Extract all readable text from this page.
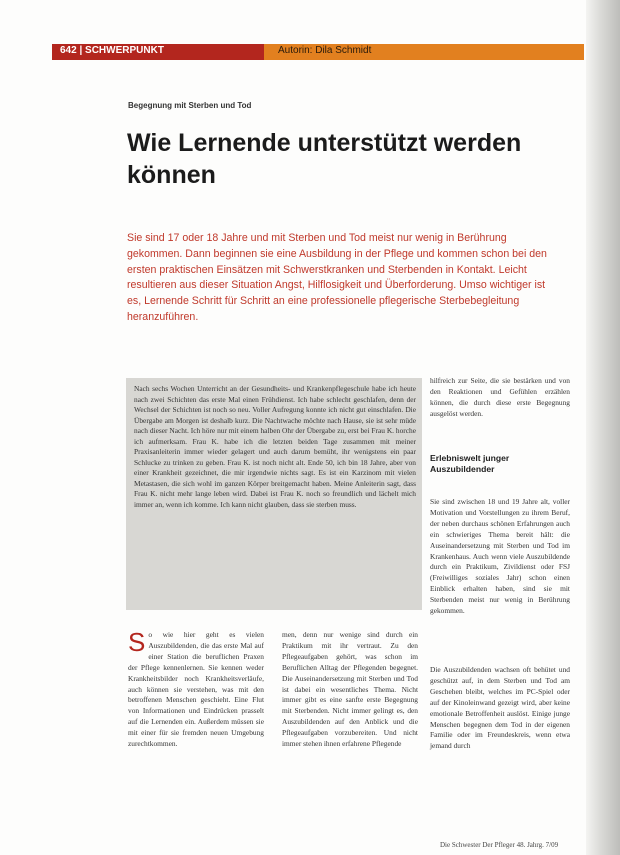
642 | SCHWERPUNKT	Autorin: Dila Schmidt
Begegnung mit Sterben und Tod
Wie Lernende unterstützt werden können

Sie sind 17 oder 18 Jahre und mit Sterben und Tod meist nur wenig in Berührung gekommen. Dann beginnen sie eine Ausbildung in der Pflege und kommen schon bei den ersten praktischen Einsätzen mit Schwerstkranken und Sterbenden in Kontakt. Leicht resultieren aus dieser Situation Angst, Hilflosigkeit und Überforderung. Umso wichtiger ist es, Lernende Schritt für Schritt an eine professionelle pflegerische Sterbebegleitung heranzuführen.

Nach sechs Wochen Unterricht an der Gesundheits- und Krankenpflegeschule habe ich heute nach zwei Schichten das erste Mal einen Frühdienst. Ich habe schlecht geschlafen, denn der Wechsel der Schichten ist noch so neu. Voller Aufregung konnte ich nicht gut einschlafen. Die Übergabe am Morgen ist deshalb kurz. Die Nachtwache möchte nach Hause, sie ist sehr müde nach dieser Nacht. Ich höre nur mit einem halben Ohr der Übergabe zu, erst bei Frau K. horche ich aufmerksam. Frau K. habe ich die letzten beiden Tage zusammen mit meiner Praxisanleiterin immer wieder gelagert und auch darum bemüht, ihr wenigstens ein paar Schlucke zu trinken zu geben. Frau K. ist noch nicht alt. Ende 50, ich bin 18 Jahre, aber von einer Krankheit gezeichnet, die mir irgendwie nichts sagt. Es ist ein Karzinom mit vielen Metastasen, die sich wohl im ganzen Körper breitgemacht haben. Meine Anleiterin sagt, dass Frau K. nicht mehr lange leben wird. Dabei ist Frau K. noch so freundlich und lächelt mich immer an, wenn ich komme. Ich kann nicht glauben, dass sie sterben muss.

So wie hier geht es vielen Auszubildenden, die das erste Mal auf einer Station die beruflichen Praxen der Pflege kennenlernen. Sie kennen weder Krankheitsbilder noch Krankheitsverläufe, auch können sie verstehen, was mit den betroffenen Menschen geschieht. Eine Flut von Informationen und Eindrücken prasselt auf die Lernenden ein. Außerdem müssen sie mit einer für sie fremden neuen Umgebung zurechtkommen.

men, denn nur wenige sind durch ein Praktikum mit ihr vertraut. Zu den Pflegeaufgaben gehört, was schon im Beruflichen Alltag der Pflegenden begegnet. Die Auseinandersetzung mit Sterben und Tod ist dabei ein wesentliches Thema. Nicht immer gibt es eine sanfte erste Begegnung mit Sterbenden. Nicht immer gelingt es, den Auszubildenden auf den Anblick und die Pflegeaufgaben vorzubereiten. Und nicht immer stehen ihnen erfahrene Pflegende

hilfreich zur Seite, die sie bestärken und von den Reaktionen und Gefühlen erzählen können, die durch diese erste Begegnung ausgelöst werden.

Erlebniswelt junger Auszubildender

Sie sind zwischen 18 und 19 Jahre alt, voller Motivation und Vorstellungen zu ihrem Beruf, der neben durchaus schönen Erfahrungen auch ein schwieriges Thema bereit hält: die Auseinandersetzung mit Sterben und Tod im Krankenhaus. Auch wenn viele Auszubildende durch ein Praktikum, Zivildienst oder FSJ (Freiwilliges soziales Jahr) schon einen Einblick erhalten haben, sind sie mit Sterbenden meist nur wenig in Berührung gekommen.

Die Auszubildenden wachsen oft behütet und geschützt auf, in dem Sterben und Tod am Geschehen bleibt, welches im PC-Spiel oder auf der Kinoleinwand gezeigt wird, aber keine emotionale Betroffenheit auslöst. Einige junge Menschen begegnen dem Tod in der eigenen Familie oder im Freundeskreis, wenn etwa jemand durch

Die Schwester Der Pfleger 48. Jahrg. 7/09
